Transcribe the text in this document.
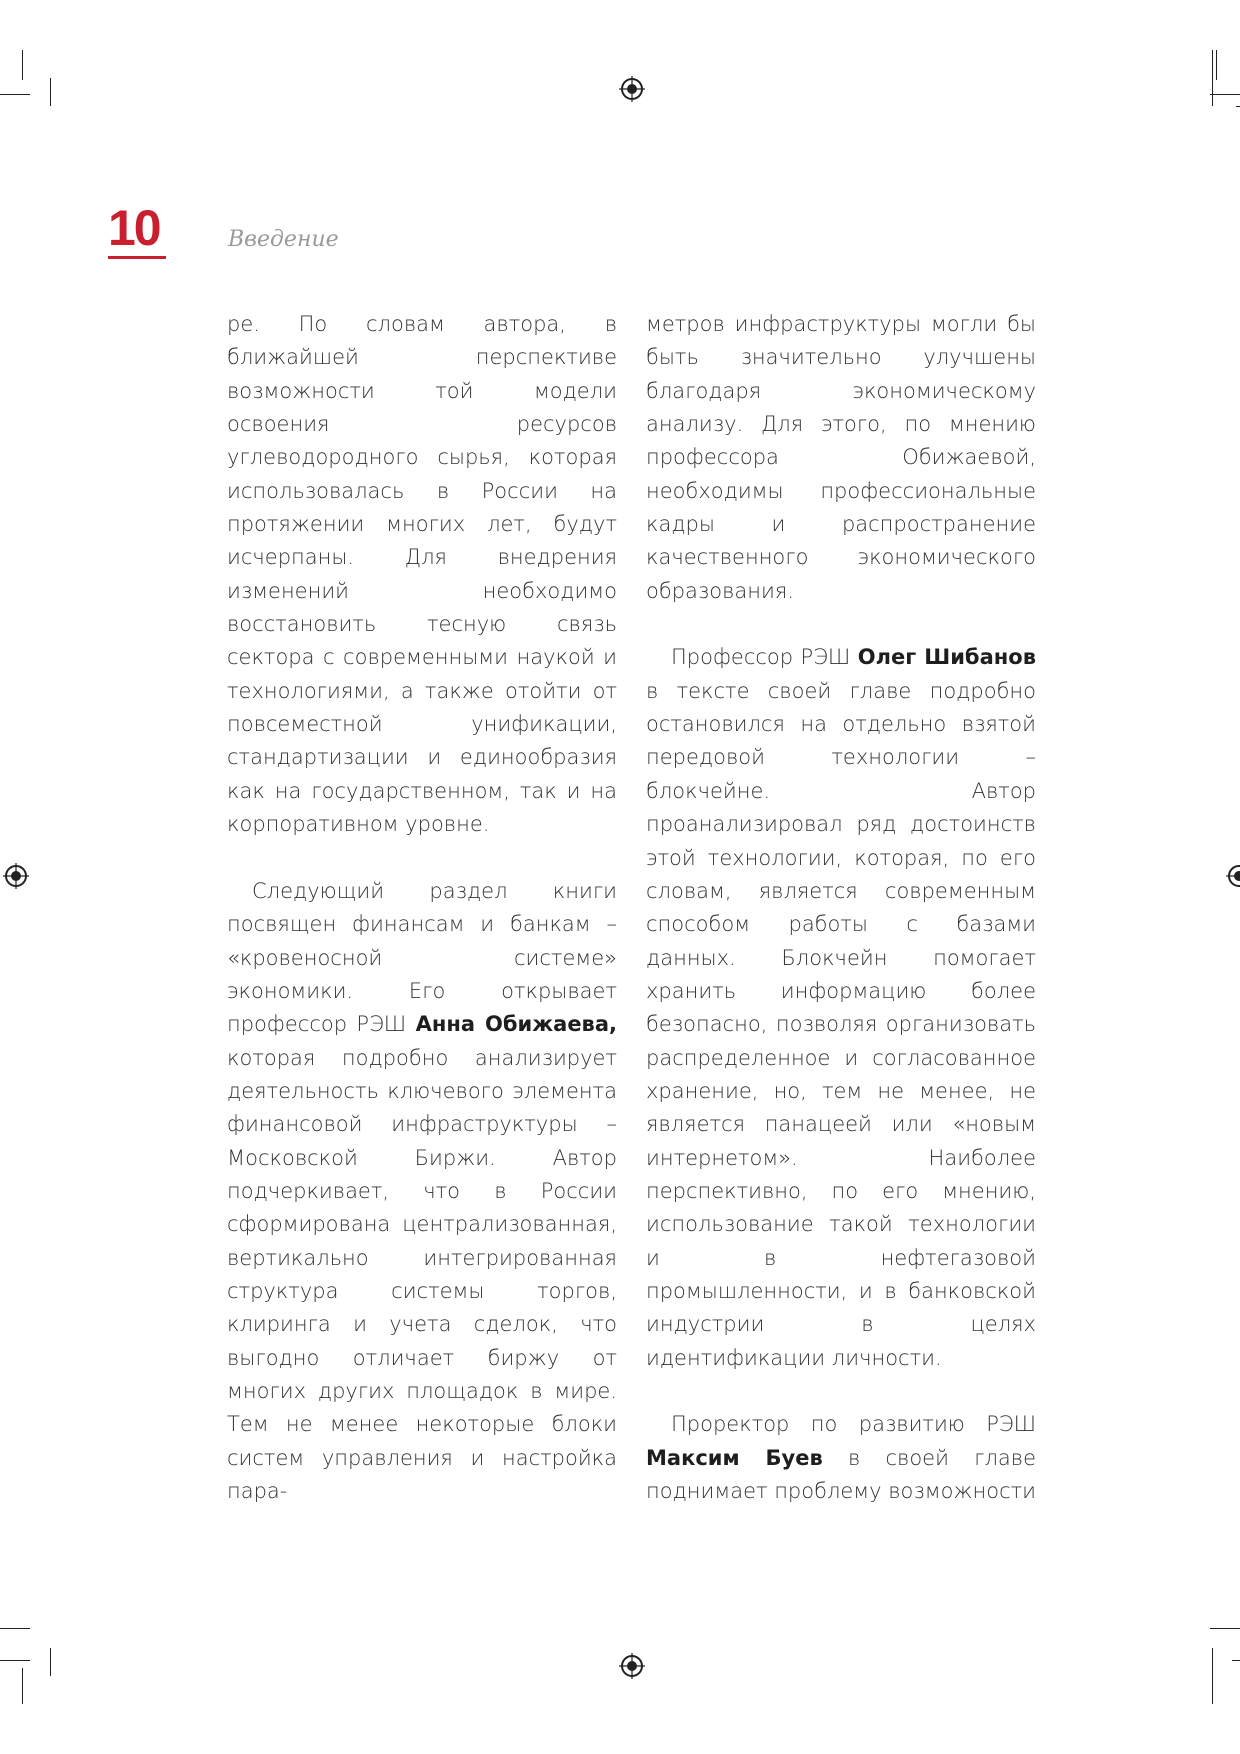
10	Введение

ре. По словам автора, в ближайшей перспективе возможности той модели освоения ресурсов углеводородного сырья, которая использовалась в России на протяжении многих лет, будут исчерпаны. Для внедрения изменений необходимо восстановить тесную связь сектора с современными наукой и технологиями, а также отойти от повсеместной унификации, стандартизации и единообразия как на государственном, так и на корпоративном уровне.

Следующий раздел книги посвящен финансам и банкам – «кровеносной системе» экономики. Его открывает профессор РЭШ Анна Обижаева, которая подробно анализирует деятельность ключевого элемента финансовой инфраструктуры – Московской Биржи. Автор подчеркивает, что в России сформирована централизованная, вертикально интегрированная структура системы торгов, клиринга и учета сделок, что выгодно отличает биржу от многих других площадок в мире. Тем не менее некоторые блоки систем управления и настройка пара-

метров инфраструктуры могли бы быть значительно улучшены благодаря экономическому анализу. Для этого, по мнению профессора Обижаевой, необходимы профессиональные кадры и распространение качественного экономического образования.

Профессор РЭШ Олег Шибанов в тексте своей главе подробно остановился на отдельно взятой передовой технологии – блокчейне. Автор проанализировал ряд достоинств этой технологии, которая, по его словам, является современным способом работы с базами данных. Блокчейн помогает хранить информацию более безопасно, позволяя организовать распределенное и согласованное хранение, но, тем не менее, не является панацеей или «новым интернетом». Наиболее перспективно, по его мнению, использование такой технологии и в нефтегазовой промышленности, и в банковской индустрии в целях идентификации личности.

Проректор по развитию РЭШ Максим Буев в своей главе поднимает проблему возможности
